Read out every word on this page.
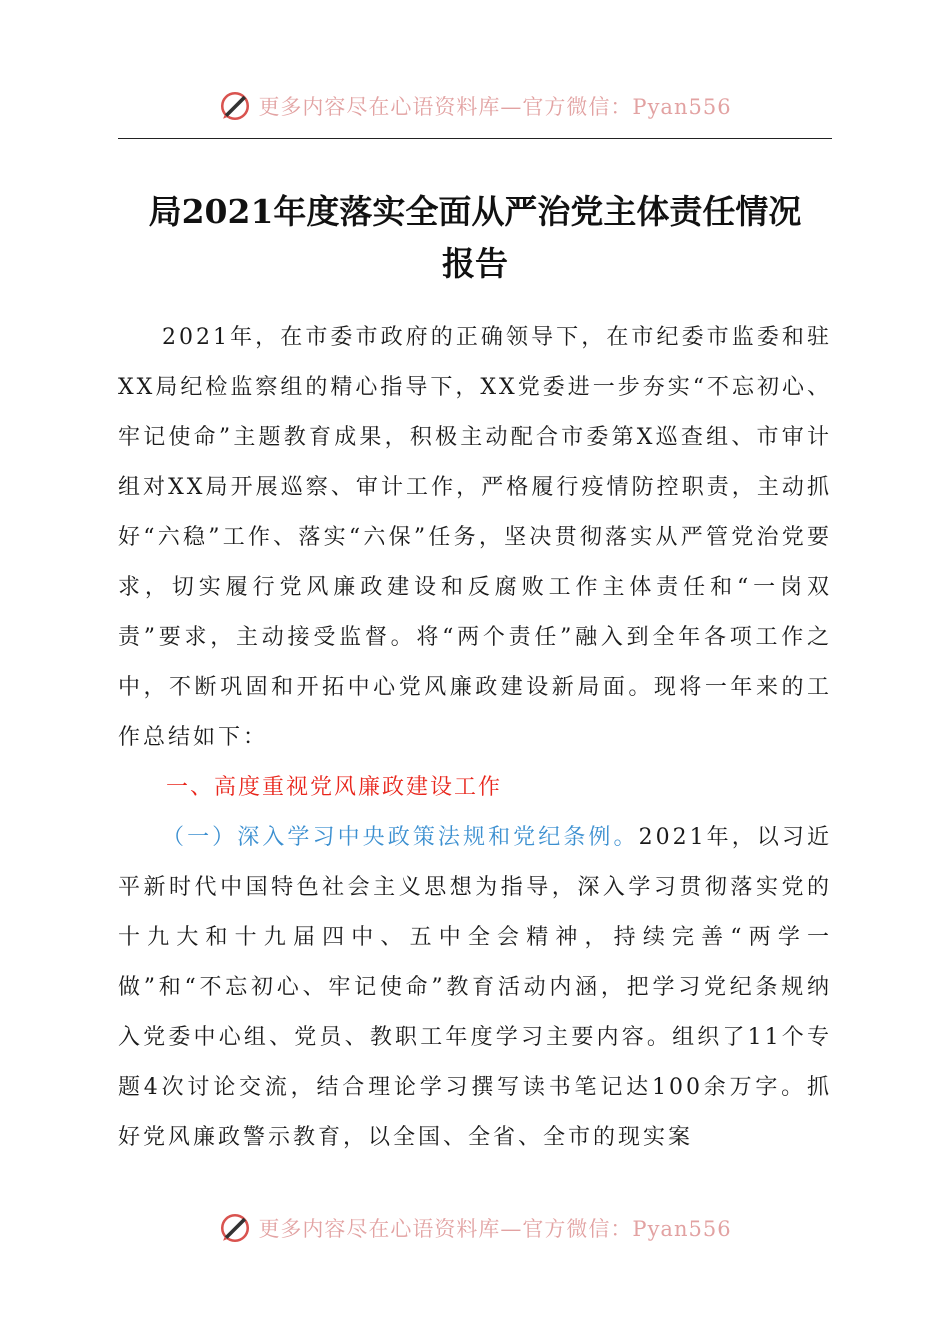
更多内容尽在心语资料库—官方微信：Pyan556
局2021年度落实全面从严治党主体责任情况
报告

2021年，在市委市政府的正确领导下，在市纪委市监委和驻XX局纪检监察组的精心指导下，XX党委进一步夯实“不忘初心、牢记使命”主题教育成果，积极主动配合市委第X巡查组、市审计组对XX局开展巡察、审计工作，严格履行疫情防控职责，主动抓好“六稳”工作、落实“六保”任务，坚决贯彻落实从严管党治党要求，切实履行党风廉政建设和反腐败工作主体责任和“一岗双责”要求，主动接受监督。将“两个责任”融入到全年各项工作之中，不断巩固和开拓中心党风廉政建设新局面。现将一年来的工作总结如下：

一、高度重视党风廉政建设工作

（一）深入学习中央政策法规和党纪条例。2021年，以习近平新时代中国特色社会主义思想为指导，深入学习贯彻落实党的十九大和十九届四中、五中全会精神，持续完善“两学一做”和“不忘初心、牢记使命”教育活动内涵，把学习党纪条规纳入党委中心组、党员、教职工年度学习主要内容。组织了11个专题4次讨论交流，结合理论学习撰写读书笔记达100余万字。抓好党风廉政警示教育，以全国、全省、全市的现实案

更多内容尽在心语资料库—官方微信：Pyan556
